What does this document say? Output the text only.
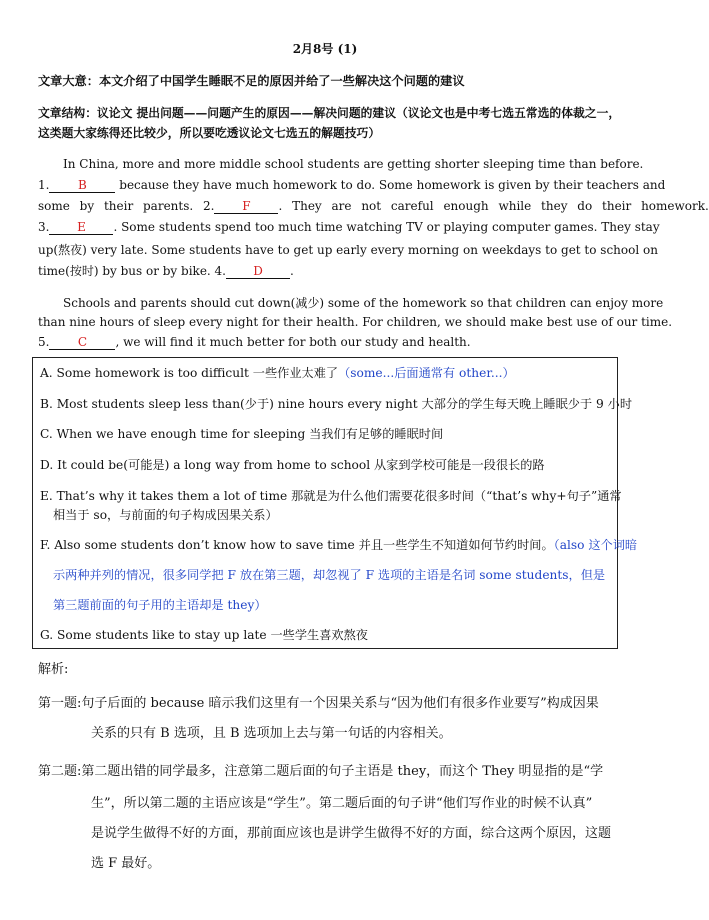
2月8号 (1)
文章大意：本文介绍了中国学生睡眠不足的原因并给了一些解决这个问题的建议
文章结构：议论文 提出问题——问题产生的原因——解决问题的建议（议论文也是中考七选五常选的体裁之一，
这类题大家练得还比较少，所以要吃透议论文七选五的解题技巧）
In China, more and more middle school students are getting shorter sleeping time than before.
1. B because they have much homework to do. Some homework is given by their teachers and
some by their parents. 2. F . They are not careful enough while they do their homework.
3. E . Some students spend too much time watching TV or playing computer games. They stay
up(熬夜) very late. Some students have to get up early every morning on weekdays to get to school on
time(按时) by bus or by bike. 4. D .
Schools and parents should cut down(减少) some of the homework so that children can enjoy more
than nine hours of sleep every night for their health. For children, we should make best use of our time.
5. C , we will find it much better for both our study and health.
A. Some homework is too difficult 一些作业太难了（some...后面通常有 other...）
B. Most students sleep less than(少于) nine hours every night 大部分的学生每天晚上睡眠少于 9 小时
C. When we have enough time for sleeping 当我们有足够的睡眠时间
D. It could be(可能是) a long way from home to school 从家到学校可能是一段很长的路
E. That’s why it takes them a lot of time 那就是为什么他们需要花很多时间（“that’s why+句子”通常
相当于 so，与前面的句子构成因果关系）
F. Also some students don’t know how to save time 并且一些学生不知道如何节约时间。（also 这个词暗
示两种并列的情况，很多同学把 F 放在第三题，却忽视了 F 选项的主语是名词 some students，但是
第三题前面的句子用的主语却是 they）
G. Some students like to stay up late 一些学生喜欢熬夜
解析:
第一题:句子后面的 because 暗示我们这里有一个因果关系与“因为他们有很多作业要写”构成因果
关系的只有 B 选项，且 B 选项加上去与第一句话的内容相关。
第二题:第二题出错的同学最多，注意第二题后面的句子主语是 they，而这个 They 明显指的是“学
生”，所以第二题的主语应该是“学生”。第二题后面的句子讲“他们写作业的时候不认真”
是说学生做得不好的方面，那前面应该也是讲学生做得不好的方面，综合这两个原因，这题
选 F 最好。
